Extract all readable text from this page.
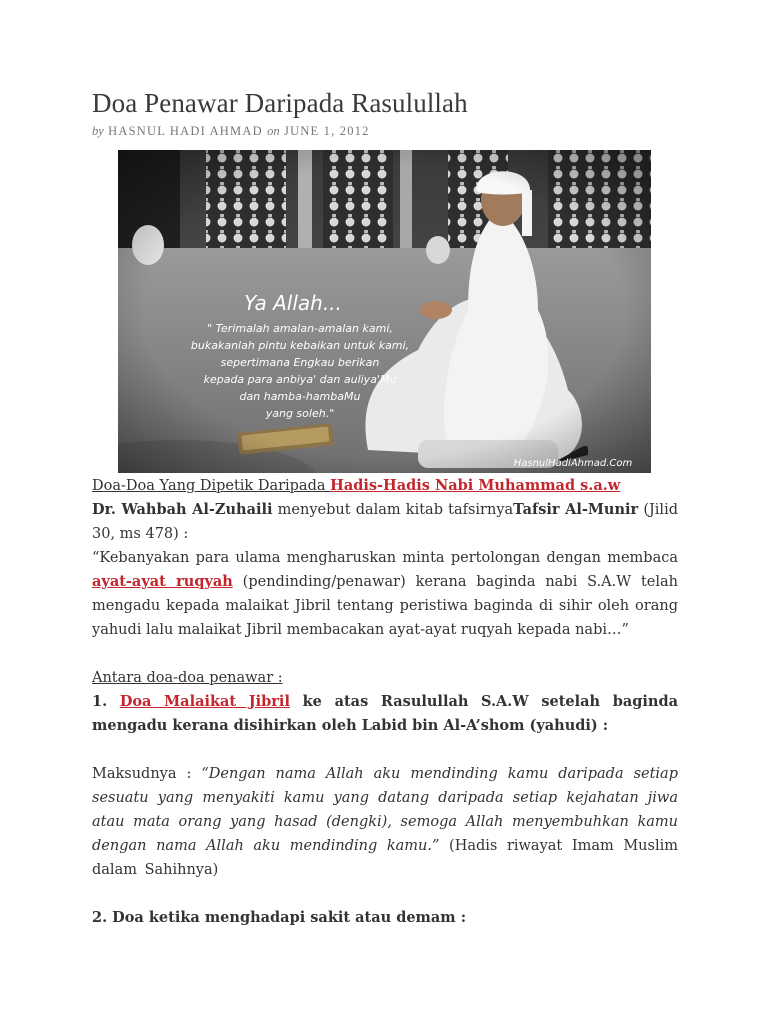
Doa Penawar Daripada Rasulullah
by HASNUL HADI AHMAD on JUNE 1, 2012
Ya Allah...
" Terimalah amalan-amalan kami,
bukakanlah pintu kebaikan untuk kami,
sepertimana Engkau berikan
kepada para anbiya' dan auliya'Mu
dan hamba-hambaMu
yang soleh."
HasnulHadiAhmad.Com

Doa-Doa Yang Dipetik Daripada Hadis-Hadis Nabi Muhammad s.a.w

Dr. Wahbah Al-Zuhaili menyebut dalam kitab tafsirnyaTafsir Al-Munir (Jilid 30, ms 478) :

“Kebanyakan para ulama mengharuskan minta pertolongan dengan membaca ayat-ayat ruqyah (pendinding/penawar) kerana baginda nabi S.A.W telah mengadu kepada malaikat Jibril tentang peristiwa baginda di sihir oleh orang yahudi lalu malaikat Jibril membacakan ayat-ayat ruqyah kepada nabi…”

Antara doa-doa penawar :

1. Doa Malaikat Jibril ke atas Rasulullah S.A.W setelah baginda mengadu kerana disihirkan oleh Labid bin Al-A’shom (yahudi) :

Maksudnya : “Dengan nama Allah aku mendinding kamu daripada setiap sesuatu yang menyakiti kamu yang datang daripada setiap kejahatan jiwa atau mata orang yang hasad (dengki), semoga Allah menyembuhkan kamu dengan nama Allah aku mendinding kamu.” (Hadis riwayat Imam Muslim dalam Sahihnya)

2. Doa ketika menghadapi sakit atau demam :
